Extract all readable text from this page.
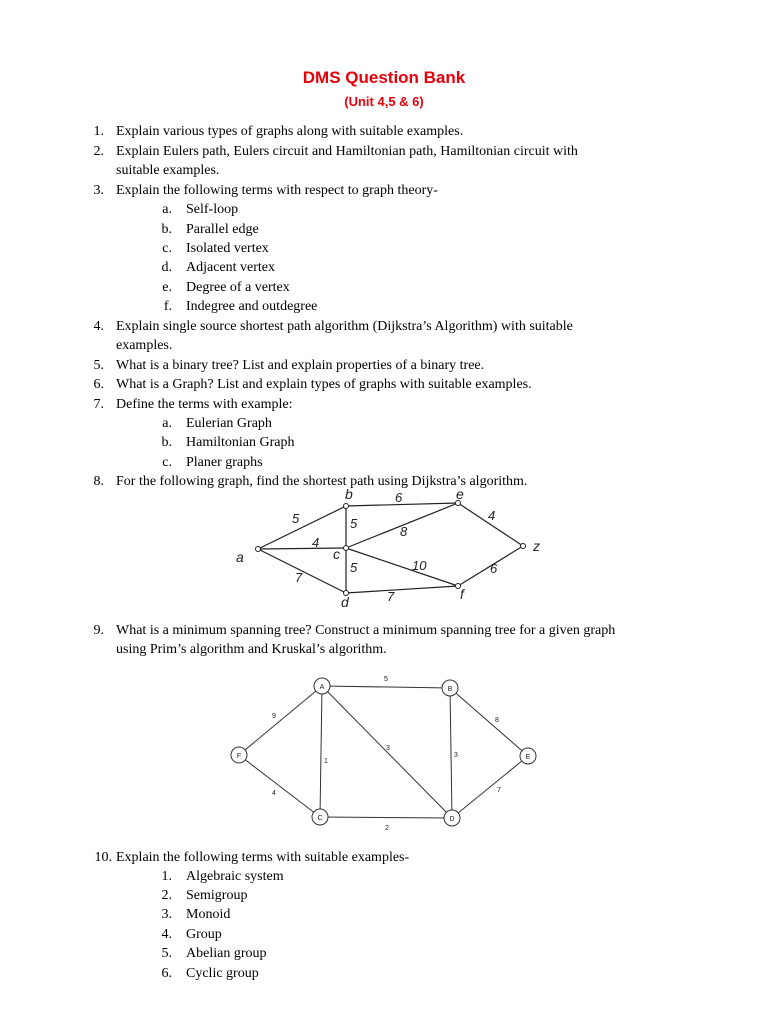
DMS Question Bank
(Unit 4,5 & 6)
1. Explain various types of graphs along with suitable examples.
2. Explain Eulers path, Eulers circuit and Hamiltonian path, Hamiltonian circuit with
suitable examples.
3. Explain the following terms with respect to graph theory-
a. Self-loop
b. Parallel edge
c. Isolated vertex
d. Adjacent vertex
e. Degree of a vertex
f. Indegree and outdegree
4. Explain single source shortest path algorithm (Dijkstra’s Algorithm) with suitable
examples.
5. What is a binary tree? List and explain properties of a binary tree.
6. What is a Graph? List and explain types of graphs with suitable examples.
7. Define the terms with example:
a. Eulerian Graph
b. Hamiltonian Graph
c. Planer graphs
8. For the following graph, find the shortest path using Dijkstra’s algorithm.
a
b
c
d
e
f
z
5
4
7
5
6
8
10
5
7
4
6
9. What is a minimum spanning tree? Construct a minimum spanning tree for a given graph
using Prim’s algorithm and Kruskal’s algorithm.
A	B
C	D
E
F
5
9
1
3
3
8
4
2
7
10. Explain the following terms with suitable examples-
1. Algebraic system
2. Semigroup
3. Monoid
4. Group
5. Abelian group
6. Cyclic group
